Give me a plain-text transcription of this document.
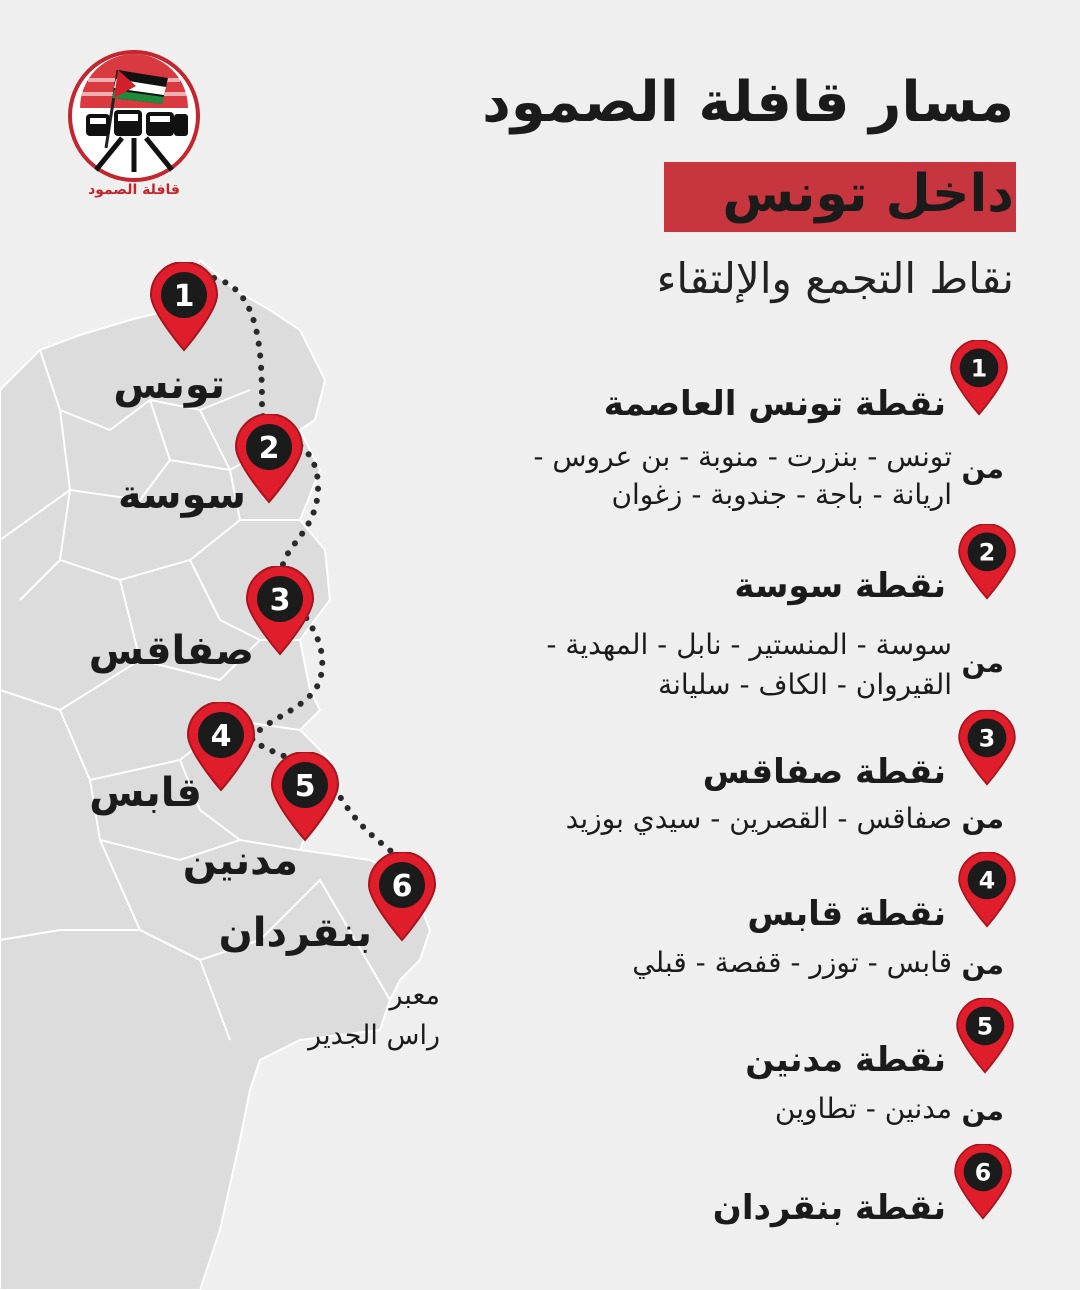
قافلة الصمود
مسار قافلة الصمود
داخل تونس
نقاط التجمع والإلتقاء
1
2
3
4
5
6
تونس
سوسة
صفاقس
قابس
مدنين
بنقردان
معبر
راس الجدير
1
نقطة تونس العاصمة
من
تونس - بنزرت - منوبة - بن عروس -
اريانة - باجة - جندوبة - زغوان
2
نقطة سوسة
من
سوسة - المنستير - نابل - المهدية -
القيروان - الكاف - سليانة
3
نقطة صفاقس
من
صفاقس - القصرين - سيدي بوزيد
4
نقطة قابس
من
قابس - توزر - قفصة - قبلي
5
نقطة مدنين
من
مدنين - تطاوين
6
نقطة بنقردان
